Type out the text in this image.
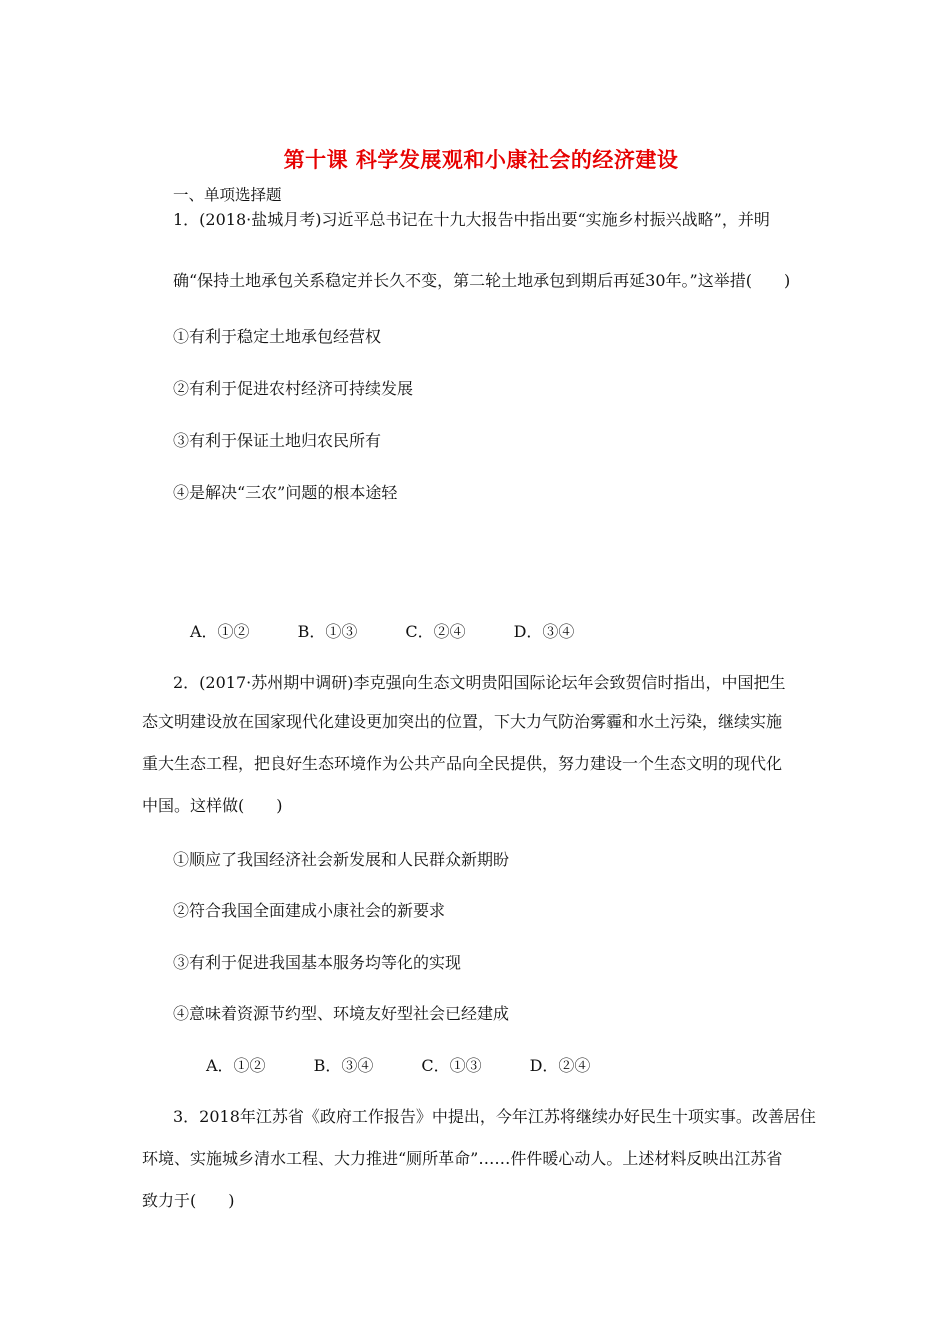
第十课 科学发展观和小康社会的经济建设
一、单项选择题
1．(2018·盐城月考)习近平总书记在十九大报告中指出要“实施乡村振兴战略”，并明
确“保持土地承包关系稳定并长久不变，第二轮土地承包到期后再延30年。”这举措(　　)
①有利于稳定土地承包经营权
②有利于促进农村经济可持续发展
③有利于保证土地归农民所有
④是解决“三农”问题的根本途轻
A．①②	B．①③	C．②④	D．③④
2．(2017·苏州期中调研)李克强向生态文明贵阳国际论坛年会致贺信时指出，中国把生
态文明建设放在国家现代化建设更加突出的位置，下大力气防治雾霾和水土污染，继续实施
重大生态工程，把良好生态环境作为公共产品向全民提供，努力建设一个生态文明的现代化
中国。这样做(　　)
①顺应了我国经济社会新发展和人民群众新期盼
②符合我国全面建成小康社会的新要求
③有利于促进我国基本服务均等化的实现
④意味着资源节约型、环境友好型社会已经建成
A．①②	B．③④	C．①③	D．②④
3．2018年江苏省《政府工作报告》中提出，今年江苏将继续办好民生十项实事。改善居住
环境、实施城乡清水工程、大力推进“厕所革命”……件件暖心动人。上述材料反映出江苏省
致力于(　　)
